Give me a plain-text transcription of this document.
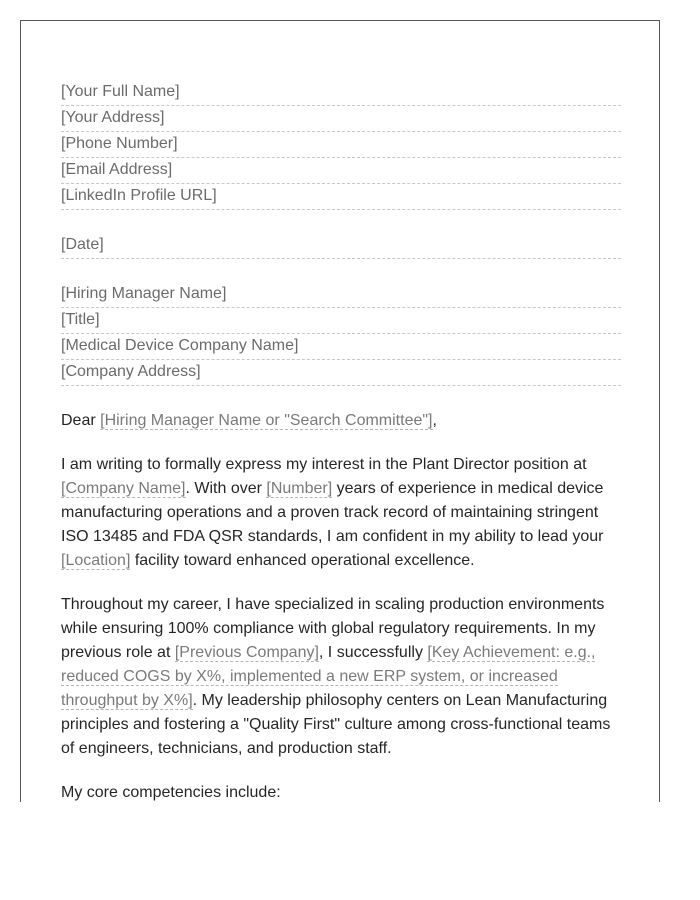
[Your Full Name]
[Your Address]
[Phone Number]
[Email Address]
[LinkedIn Profile URL]
[Date]
[Hiring Manager Name]
[Title]
[Medical Device Company Name]
[Company Address]

Dear [Hiring Manager Name or "Search Committee"],

I am writing to formally express my interest in the Plant Director position at [Company Name]. With over [Number] years of experience in medical device manufacturing operations and a proven track record of maintaining stringent ISO 13485 and FDA QSR standards, I am confident in my ability to lead your [Location] facility toward enhanced operational excellence.

Throughout my career, I have specialized in scaling production environments while ensuring 100% compliance with global regulatory requirements. In my previous role at [Previous Company], I successfully [Key Achievement: e.g., reduced COGS by X%, implemented a new ERP system, or increased throughput by X%]. My leadership philosophy centers on Lean Manufacturing principles and fostering a "Quality First" culture among cross-functional teams of engineers, technicians, and production staff.

My core competencies include:
